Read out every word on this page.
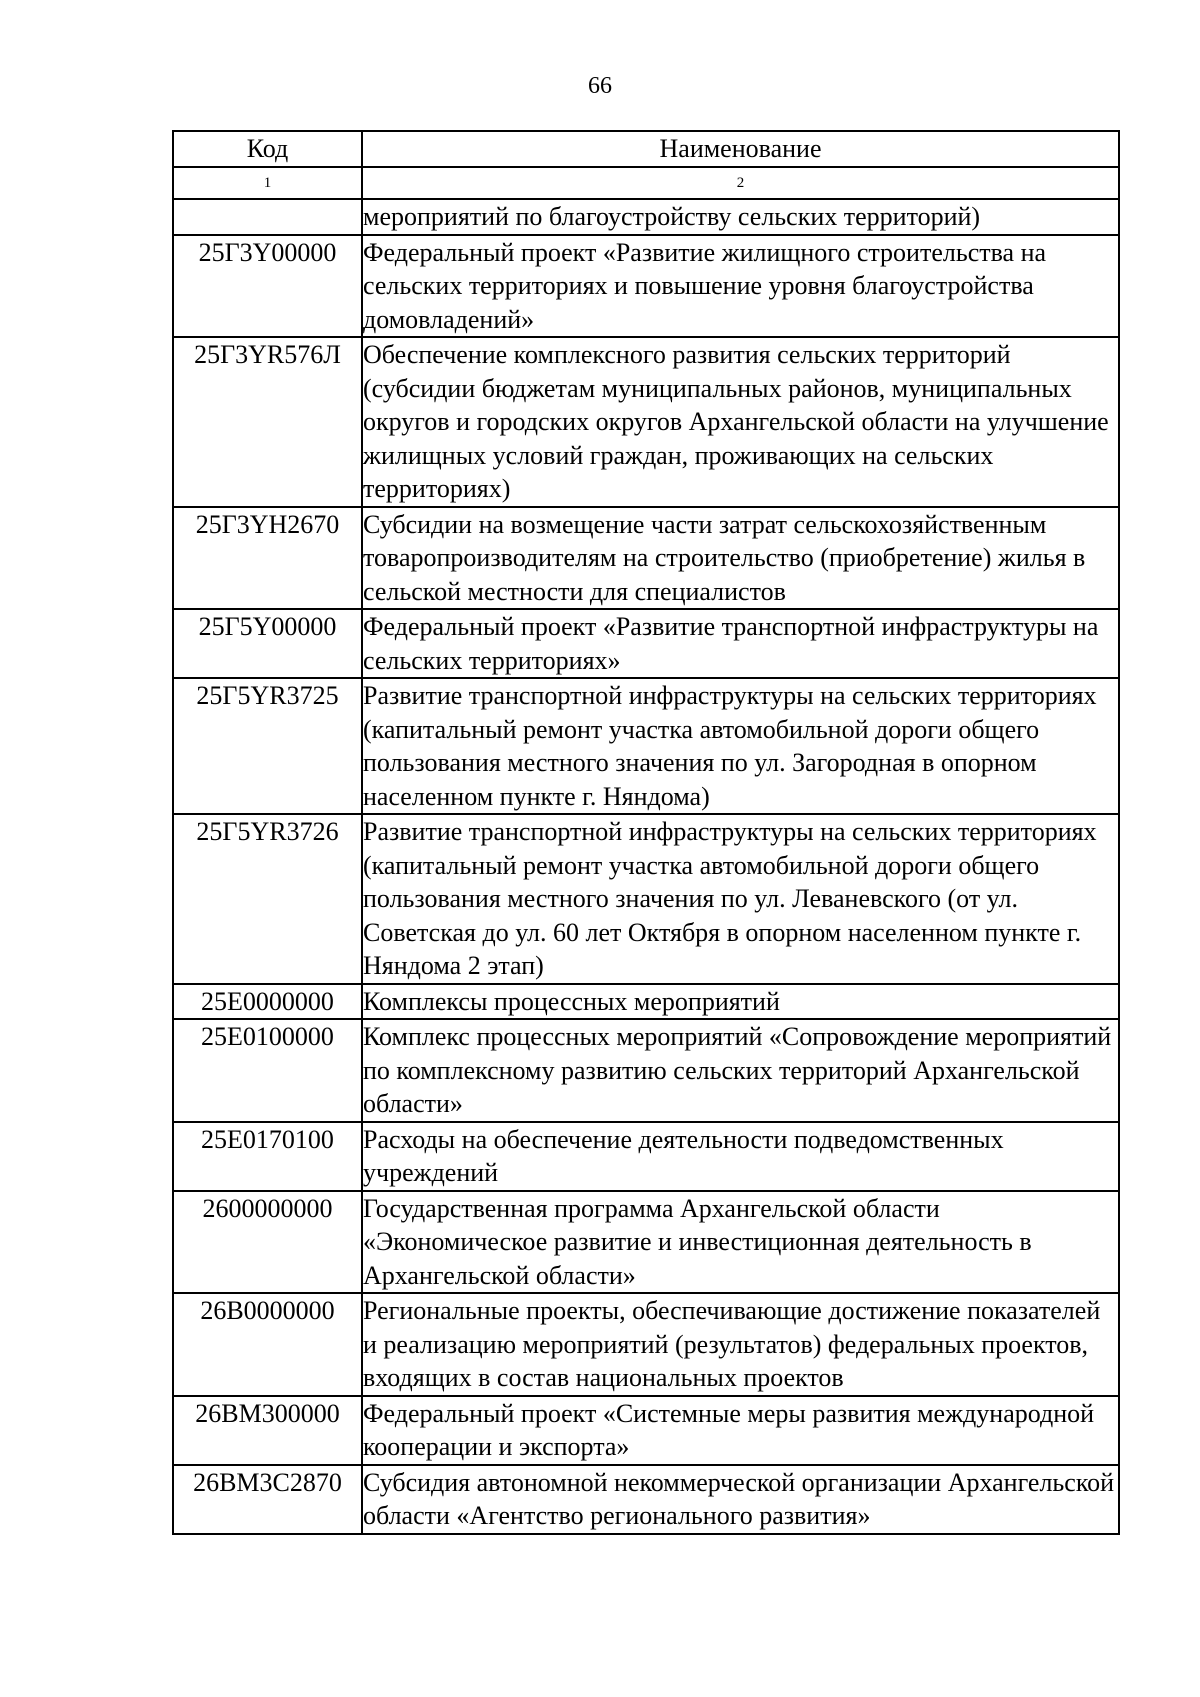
66
Код	Наименование
1	2
	мероприятий по благоустройству сельских территорий)
25Г3Y00000	Федеральный проект «Развитие жилищного строительства на сельских территориях и повышение уровня благоустройства домовладений»
25Г3YR576Л	Обеспечение комплексного развития сельских территорий (субсидии бюджетам муниципальных районов, муниципальных округов и городских округов Архангельской области на улучшение жилищных условий граждан, проживающих на сельских территориях)
25Г3YH2670	Субсидии на возмещение части затрат сельскохозяйственным товаропроизводителям на строительство (приобретение) жилья в сельской местности для специалистов
25Г5Y00000	Федеральный проект «Развитие транспортной инфраструктуры на сельских территориях»
25Г5YR3725	Развитие транспортной инфраструктуры на сельских территориях (капитальный ремонт участка автомобильной дороги общего пользования местного значения по ул. Загородная в опорном населенном пункте г. Няндома)
25Г5YR3726	Развитие транспортной инфраструктуры на сельских территориях (капитальный ремонт участка автомобильной дороги общего пользования местного значения по ул. Леваневского (от ул. Советская до ул. 60 лет Октября в опорном населенном пункте г. Няндома 2 этап)
25Е0000000	Комплексы процессных мероприятий
25Е0100000	Комплекс процессных мероприятий «Сопровождение мероприятий по комплексному развитию сельских территорий Архангельской области»
25Е0170100	Расходы на обеспечение деятельности подведомственных учреждений
2600000000	Государственная программа Архангельской области «Экономическое развитие и инвестиционная деятельность в Архангельской области»
26В0000000	Региональные проекты, обеспечивающие достижение показателей и реализацию мероприятий (результатов) федеральных проектов, входящих в состав национальных проектов
26ВМ300000	Федеральный проект «Системные меры развития международной кооперации и экспорта»
26ВМ3С2870	Субсидия автономной некоммерческой организации Архангельской области «Агентство регионального развития»
